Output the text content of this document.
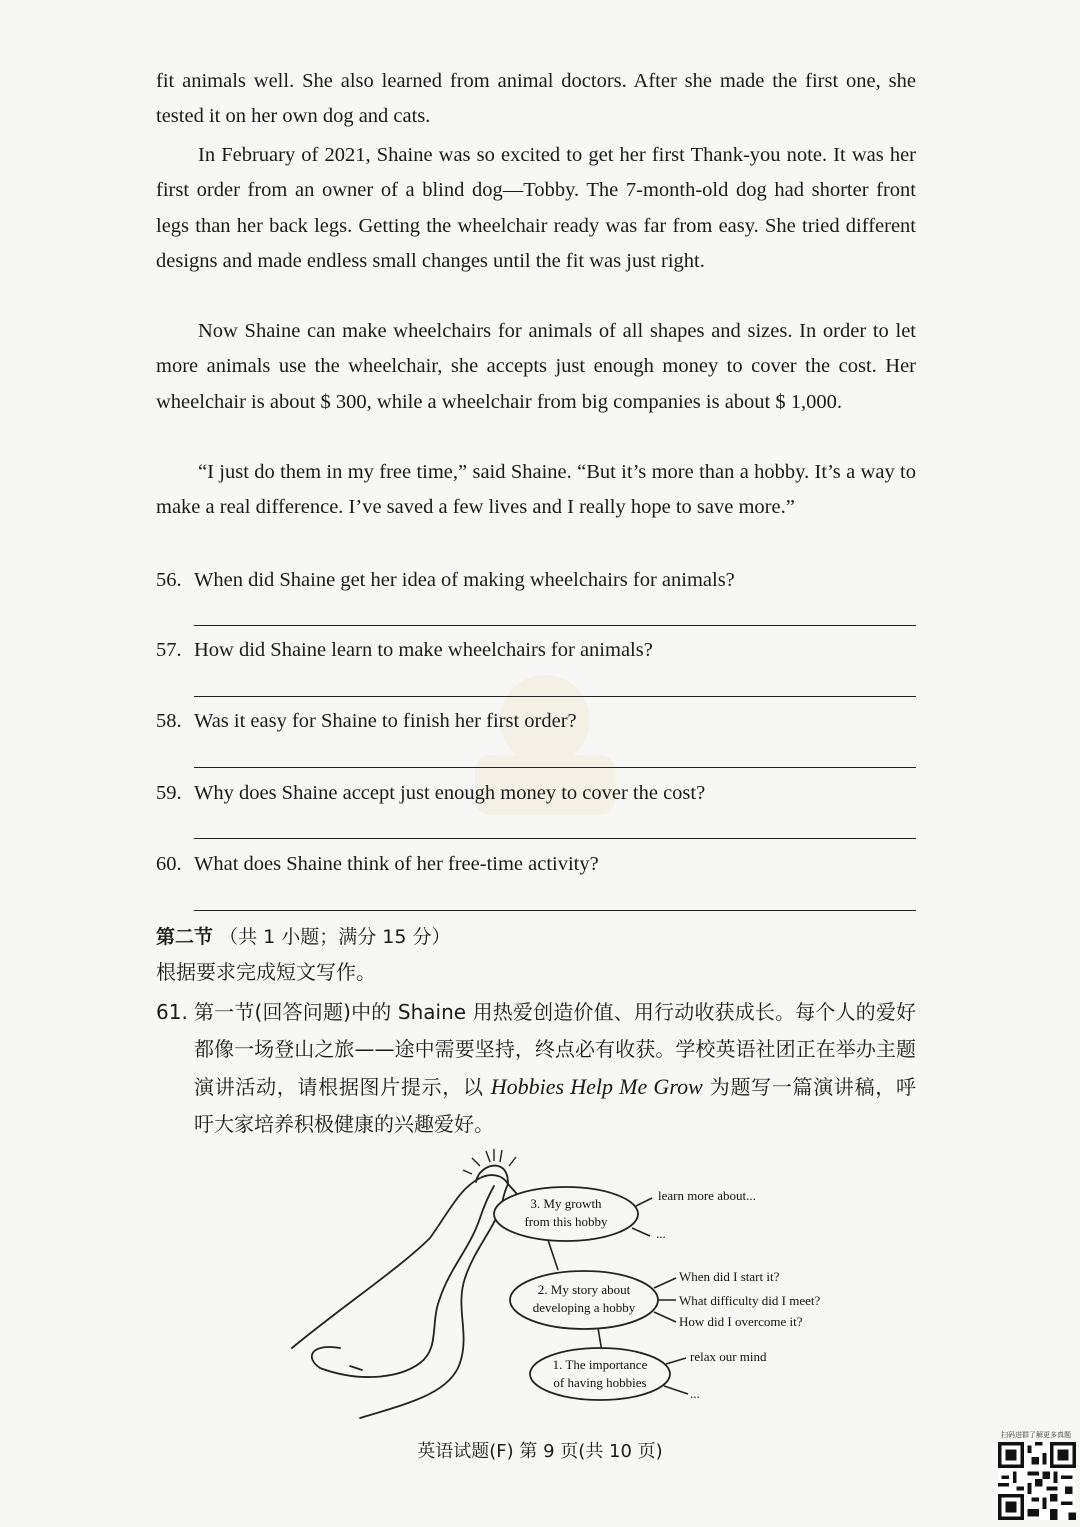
fit animals well. She also learned from animal doctors. After she made the first one, she tested it on her own dog and cats.

In February of 2021, Shaine was so excited to get her first Thank-you note. It was her first order from an owner of a blind dog—Tobby. The 7-month-old dog had shorter front legs than her back legs. Getting the wheelchair ready was far from easy. She tried different designs and made endless small changes until the fit was just right.

Now Shaine can make wheelchairs for animals of all shapes and sizes. In order to let more animals use the wheelchair, she accepts just enough money to cover the cost. Her wheelchair is about $ 300, while a wheelchair from big companies is about $ 1,000.

“I just do them in my free time,” said Shaine. “But it’s more than a hobby. It’s a way to make a real difference. I’ve saved a few lives and I really hope to save more.”

56. When did Shaine get her idea of making wheelchairs for animals?
57. How did Shaine learn to make wheelchairs for animals?
58. Was it easy for Shaine to finish her first order?
59. Why does Shaine accept just enough money to cover the cost?
60. What does Shaine think of her free-time activity?
第二节 （共 1 小题；满分 15 分）
根据要求完成短文写作。
61. 第一节(回答问题)中的 Shaine 用热爱创造价值、用行动收获成长。每个人的爱好都像一场登山之旅——途中需要坚持，终点必有收获。学校英语社团正在举办主题演讲活动，请根据图片提示，以 Hobbies Help Me Grow 为题写一篇演讲稿，呼吁大家培养积极健康的兴趣爱好。
3. My growth
from this hobby
learn more about...
...
2. My story about
developing a hobby
When did I start it?
What difficulty did I meet?
How did I overcome it?
1. The importance
of having hobbies
relax our mind
...
英语试题(F) 第 9 页(共 10 页)
扫码进群了解更多真题
